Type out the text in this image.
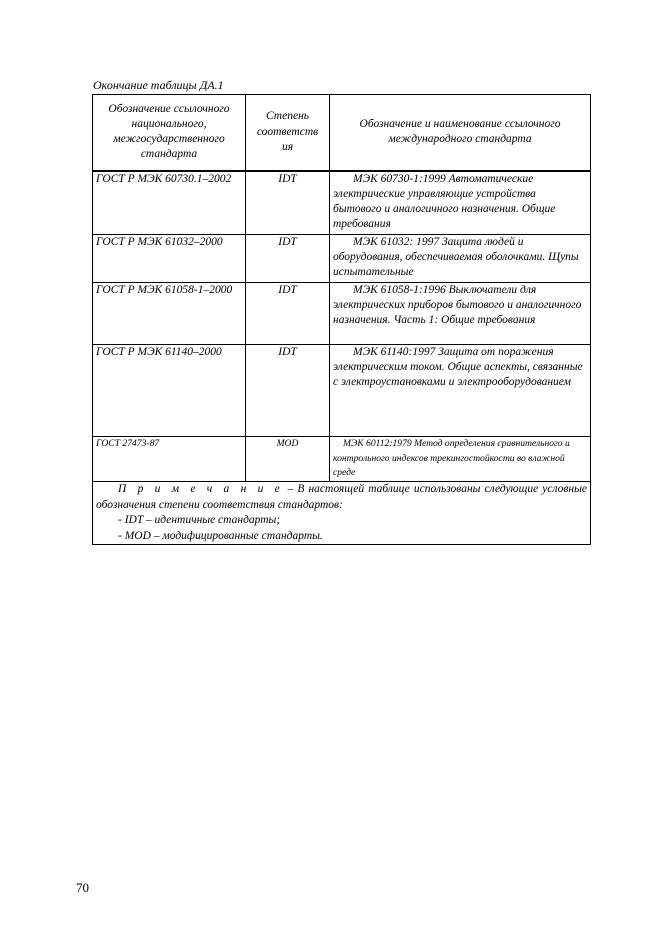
Окончание таблицы ДА.1
Обозначение ссылочного национального, межгосударственного стандарта	Степень соответств ия	Обозначение и наименование ссылочного международного стандарта
ГОСТ Р МЭК 60730.1–2002	IDT	МЭК 60730-1:1999 Автоматические электрические управляющие устройства бытового и аналогичного назначения. Общие требования
ГОСТ Р МЭК 61032–2000	IDT	МЭК 61032: 1997 Защита людей и оборудования, обеспечиваемая оболочками. Щупы испытательные
ГОСТ Р МЭК 61058-1–2000	IDT	МЭК 61058-1:1996 Выключатели для электрических приборов бытового и аналогичного назначения. Часть 1: Общие требования
ГОСТ Р МЭК 61140–2000	IDT	МЭК 61140:1997 Защита от поражения электрическим током. Общие аспекты, связанные с электроустановками и электрооборудованием
ГОСТ 27473-87	MOD	МЭК 60112:1979 Метод определения сравнительного и контрольного индексов трекингостойкости во влажной среде

П р и м е ч а н и е – В настоящей таблице использованы следующие условные обозначения степени соответствия стандартов:
- IDT – идентичные стандарты;
- MOD – модифицированные стандарты.		
70
